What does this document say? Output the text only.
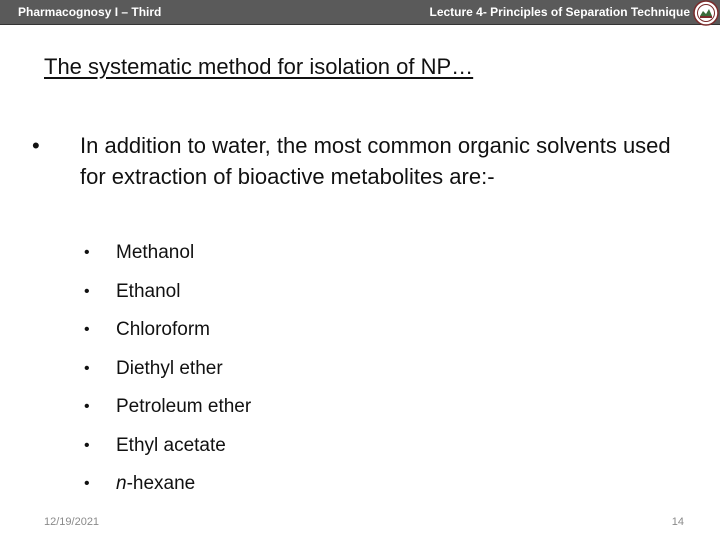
Pharmacognosy I – Third	Lecture 4- Principles of Separation Technique
The systematic method for isolation of NP…
• In addition to water, the most common organic solvents used for extraction of bioactive metabolites are:-
• Methanol
• Ethanol
• Chloroform
• Diethyl ether
• Petroleum ether
• Ethyl acetate
• n-hexane
12/19/2021	14
